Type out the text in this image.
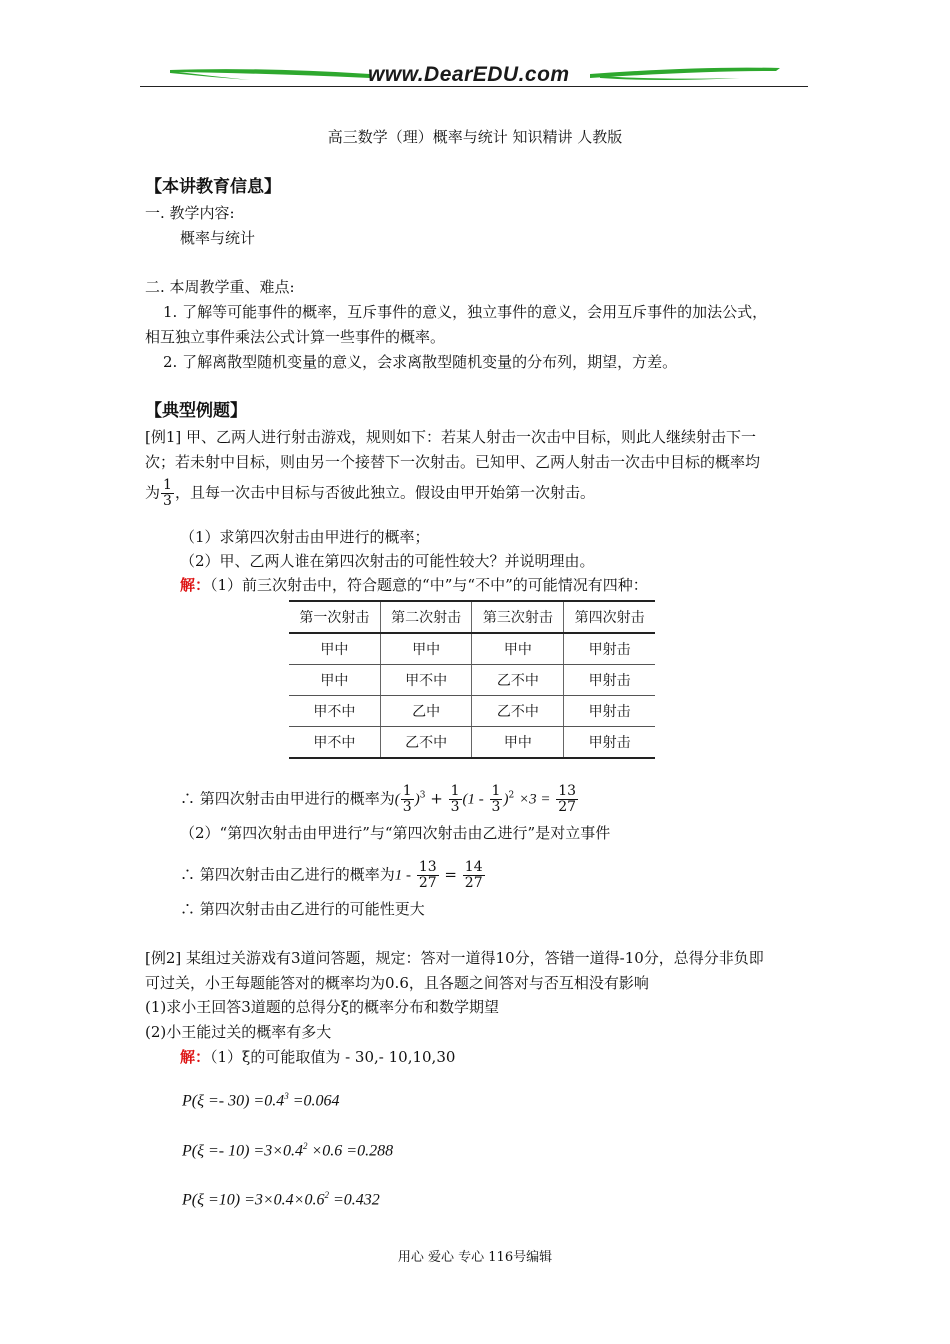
www.DearEDU.com
高三数学（理）概率与统计 知识精讲 人教版
【本讲教育信息】
一. 教学内容:
概率与统计
二. 本周教学重、难点:
1. 了解等可能事件的概率，互斥事件的意义，独立事件的意义，会用互斥事件的加法公式，
相互独立事件乘法公式计算一些事件的概率。
2. 了解离散型随机变量的意义，会求离散型随机变量的分布列，期望，方差。
【典型例题】
[例1] 甲、乙两人进行射击游戏，规则如下：若某人射击一次击中目标，则此人继续射击下一
次；若未射中目标，则由另一个接替下一次射击。已知甲、乙两人射击一次击中目标的概率均
为 $\frac{1}{3}$ ，且每一次击中目标与否彼此独立。假设由甲开始第一次射击。
（1）求第四次射击由甲进行的概率；
（2）甲、乙两人谁在第四次射击的可能性较大？并说明理由。
解：（1）前三次射击中，符合题意的“中”与“不中”的可能情况有四种：
第一次射击	第二次射击	第三次射击	第四次射击
甲中	甲中	甲中	甲射击
甲中	甲不中	乙不中	甲射击
甲不中	乙中	乙不中	甲射击
甲不中	乙不中	甲中	甲射击
∴ 第四次射击由甲进行的概率为( $\frac{1}{3} )^3 + \frac{1}{3} (1 - \frac{1}{3} )^2 \times 3 = \frac{13}{27}$
（2）“第四次射击由甲进行”与“第四次射击由乙进行”是对立事件
∴ 第四次射击由乙进行的概率为$1 - \frac{13}{27} = \frac{14}{27}$
∴ 第四次射击由乙进行的可能性更大
[例2] 某组过关游戏有3道问答题，规定：答对一道得10分，答错一道得-10分，总得分非负即
可过关，小王每题能答对的概率均为0.6，且各题之间答对与否互相没有影响
(1)求小王回答3道题的总得分ξ的概率分布和数学期望
(2)小王能过关的概率有多大
解：（1）ξ的可能取值为 - 30,- 10,10,30
$P(\xi =- 30) =0.4^3 =0.064$
$P(\xi =- 10) =3\times 0.4^2 \times 0.6 =0.288$
$P(\xi =10) =3\times 0.4\times 0.6^2 =0.432$
用心 爱心 专心 116号编辑
